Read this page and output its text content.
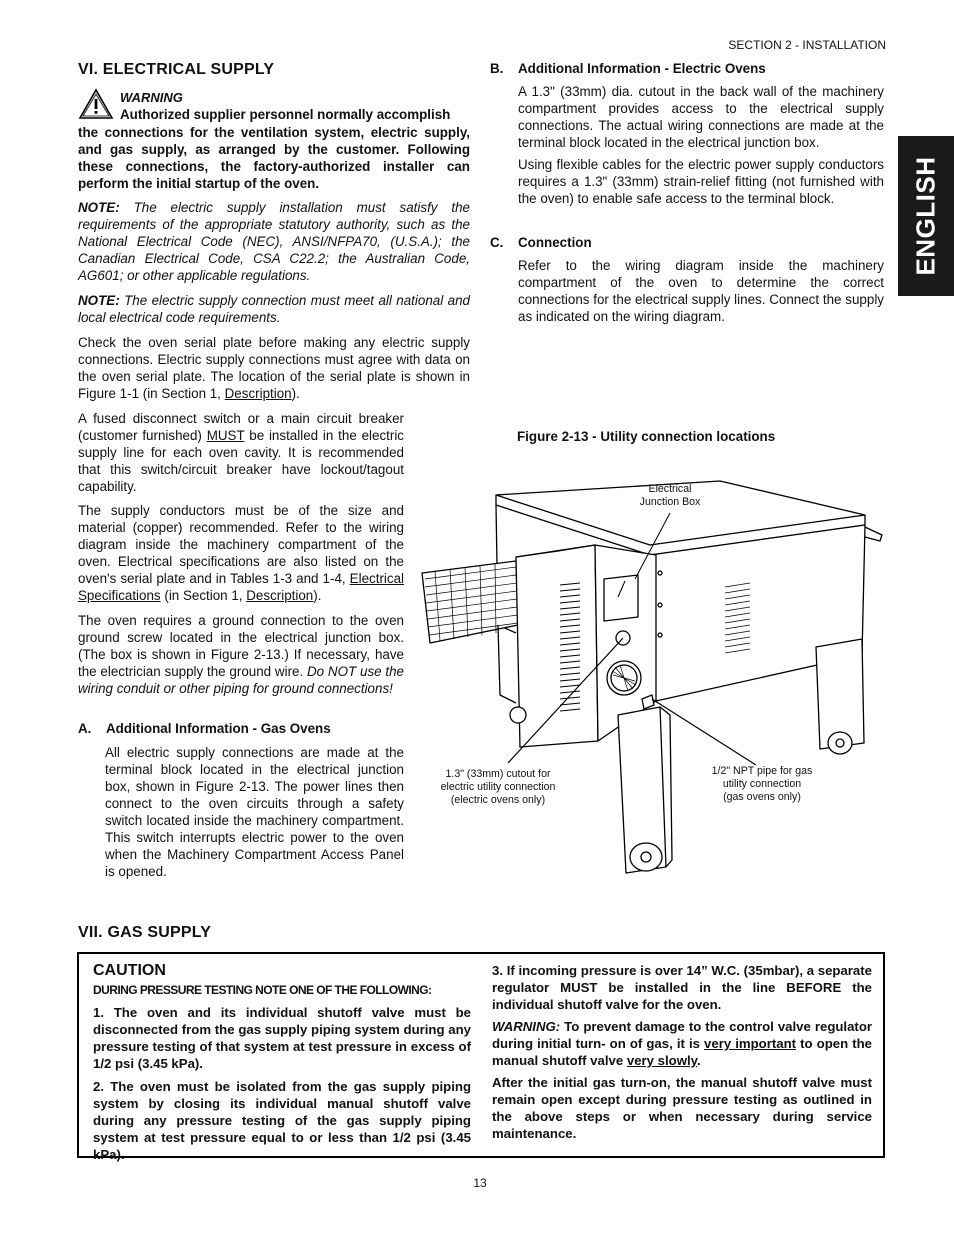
SECTION 2 - INSTALLATION
ENGLISH
VI. ELECTRICAL SUPPLY
WARNING
Authorized supplier personnel normally accomplish

the connections for the ventilation system, electric supply, and gas supply, as arranged by the customer. Following these connections, the factory-authorized installer can perform the initial startup of the oven.

NOTE: The electric supply installation must satisfy the requirements of the appropriate statutory authority, such as the National Electrical Code (NEC), ANSI/NFPA70, (U.S.A.); the Canadian Electrical Code, CSA C22.2; the Australian Code, AG601; or other applicable regulations.

NOTE: The electric supply connection must meet all national and local electrical code requirements.

Check the oven serial plate before making any electric supply connections. Electric supply connections must agree with data on the oven serial plate. The location of the serial plate is shown in Figure 1-1 (in Section 1, Description).

A fused disconnect switch or a main circuit breaker (customer furnished) MUST be installed in the electric supply line for each oven cavity. It is recommended that this switch/circuit breaker have lockout/tagout capability.

The supply conductors must be of the size and material (copper) recommended. Refer to the wiring diagram inside the machinery compartment of the oven. Electrical specifications are also listed on the oven's serial plate and in Tables 1-3 and 1-4, Electrical Specifications (in Section 1, Description).

The oven requires a ground connection to the oven ground screw located in the electrical junction box. (The box is shown in Figure 2-13.) If necessary, have the electrician supply the ground wire. Do NOT use the wiring conduit or other piping for ground connections!

A. Additional Information - Gas Ovens

All electric supply connections are made at the terminal block located in the electrical junction box, shown in Figure 2-13. The power lines then connect to the oven circuits through a safety switch located inside the machinery compartment. This switch interrupts electric power to the oven when the Machinery Compartment Access Panel is opened.

B. Additional Information - Electric Ovens

A 1.3" (33mm) dia. cutout in the back wall of the machinery compartment provides access to the electrical supply connections. The actual wiring connections are made at the terminal block located in the electrical junction box.

Using flexible cables for the electric power supply conductors requires a 1.3" (33mm) strain-relief fitting (not furnished with the oven) to enable safe access to the terminal block.

C. Connection

Refer to the wiring diagram inside the machinery compartment of the oven to determine the correct connections for the electrical supply lines. Connect the supply as indicated on the wiring diagram.

Figure 2-13 - Utility connection locations
Electrical
Junction Box
1.3" (33mm) cutout for
electric utility connection
(electric ovens only)
1/2" NPT pipe for gas
utility connection
(gas ovens only)
VII. GAS SUPPLY
CAUTION
DURING PRESSURE TESTING NOTE ONE OF THE FOLLOWING:

1. The oven and its individual shutoff valve must be disconnected from the gas supply piping system during any pressure testing of that system at test pressure in excess of 1/2 psi (3.45 kPa).

2. The oven must be isolated from the gas supply piping system by closing its individual manual shutoff valve during any pressure testing of the gas supply piping system at test pressure equal to or less than 1/2 psi (3.45 kPa).

3. If incoming pressure is over 14” W.C. (35mbar), a separate regulator MUST be installed in the line BEFORE the individual shutoff valve for the oven.

WARNING: To prevent damage to the control valve regulator during initial turn- on of gas, it is very important to open the manual shutoff valve very slowly.

After the initial gas turn-on, the manual shutoff valve must remain open except during pressure testing as outlined in the above steps or when necessary during service maintenance.

13
